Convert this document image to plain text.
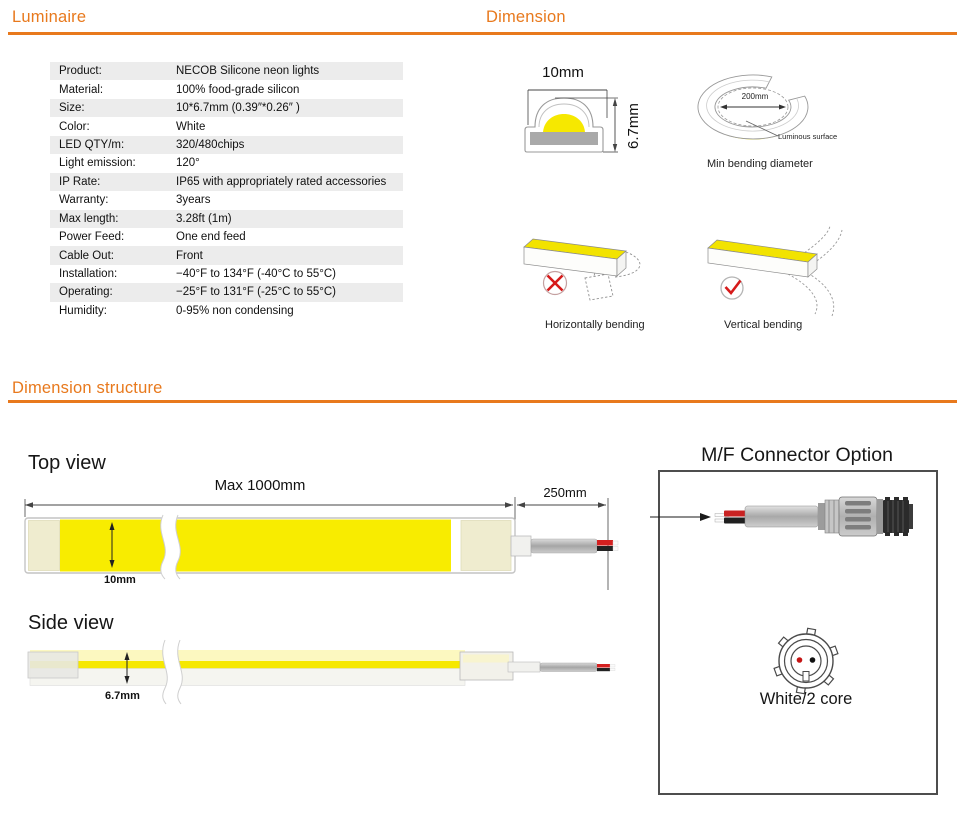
Luminaire	Dimension
Product:	NECOB Silicone neon lights
Material:	100% food-grade silicon
Size:	10*6.7mm (0.39″*0.26″ )
Color:	White
LED QTY/m:	320/480chips
Light emission:	120°
IP Rate:	IP65 with appropriately rated accessories
Warranty:	3years
Max length:	3.28ft (1m)
Power Feed:	One end feed
Cable Out:	Front
Installation:	−40°F to 134°F (-40°C to 55°C)
Operating:	−25°F to 131°F (-25°C to 55°C)
Humidity:	0-95% non condensing
10mm
6.7mm
200mm
Luminous surface
Min bending diameter
Horizontally bending	Vertical bending
Dimension structure
Top view
Max 1000mm	250mm
10mm
Side view
6.7mm
M/F Connector Option
White/2 core
